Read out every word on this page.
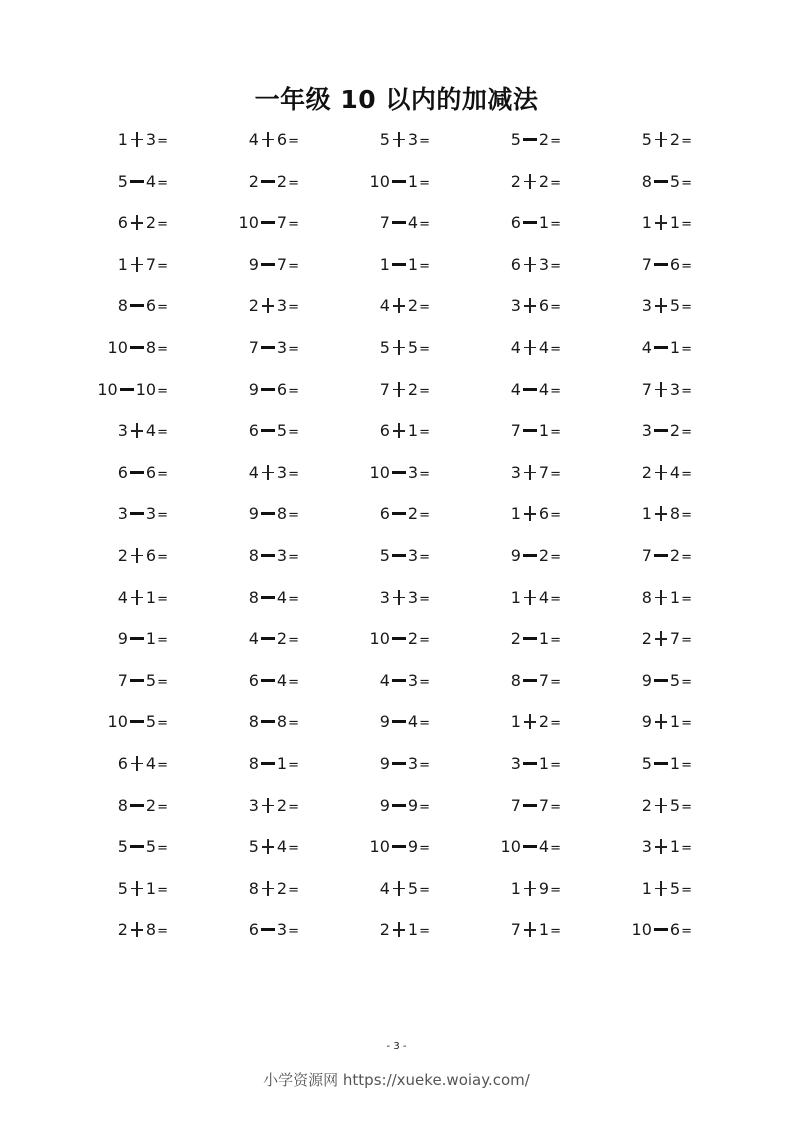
一年级 10 以内的加减法
1 3=	4 6=	5 3=	5 2=	5 2=
5 4=	2 2=	10 1=	2 2=	8 5=
6 2=	10 7=	7 4=	6 1=	1 1=
1 7=	9 7=	1 1=	6 3=	7 6=
8 6=	2 3=	4 2=	3 6=	3 5=
10 8=	7 3=	5 5=	4 4=	4 1=
10 10=	9 6=	7 2=	4 4=	7 3=
3 4=	6 5=	6 1=	7 1=	3 2=
6 6=	4 3=	10 3=	3 7=	2 4=
3 3=	9 8=	6 2=	1 6=	1 8=
2 6=	8 3=	5 3=	9 2=	7 2=
4 1=	8 4=	3 3=	1 4=	8 1=
9 1=	4 2=	10 2=	2 1=	2 7=
7 5=	6 4=	4 3=	8 7=	9 5=
10 5=	8 8=	9 4=	1 2=	9 1=
6 4=	8 1=	9 3=	3 1=	5 1=
8 2=	3 2=	9 9=	7 7=	2 5=
5 5=	5 4=	10 9=	10 4=	3 1=
5 1=	8 2=	4 5=	1 9=	1 5=
2 8=	6 3=	2 1=	7 1=	10 6=
- 3 -
小学资源网 https://xueke.woiay.com/
